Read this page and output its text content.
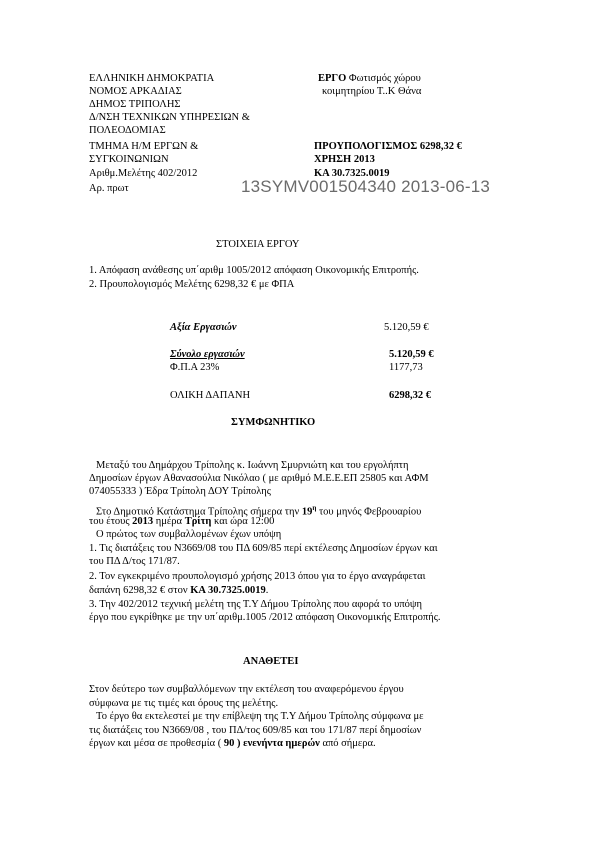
ΕΛΛΗΝΙΚΗ ΔΗΜΟΚΡΑΤΙΑ
ΝΟΜΟΣ ΑΡΚΑΔΙΑΣ
ΔΗΜΟΣ ΤΡΙΠΟΛΗΣ
Δ/ΝΣΗ ΤΕΧΝΙΚΩΝ ΥΠΗΡΕΣΙΩΝ &
ΠΟΛΕΟΔΟΜΙΑΣ
ΤΜΗΜΑ Η/Μ ΕΡΓΩΝ &
ΣΥΓΚΟΙΝΩΝΙΩΝ
Αριθμ.Μελέτης 402/2012
Αρ. πρωτ
ΕΡΓΟ Φωτισμός χώρου
κοιμητηρίου Τ..Κ Θάνα
ΠΡΟΥΠΟΛΟΓΙΣΜΟΣ 6298,32 €
ΧΡΗΣΗ 2013
ΚΑ 30.7325.0019
13SYMV001504340 2013-06-13
ΣΤΟΙΧΕΙΑ ΕΡΓΟΥ
1. Απόφαση ανάθεσης υπ΄αριθμ 1005/2012 απόφαση Οικονομικής Επιτροπής.
2. Προυπολογισμός Μελέτης 6298,32 € με ΦΠΑ
Αξία Εργασιών	5.120,59 €
Σύνολο εργασιών	5.120,59 €
Φ.Π.Α 23%	1177,73
ΟΛΙΚΗ ΔΑΠΑΝΗ	6298,32 €
ΣΥΜΦΩΝΗΤΙΚΟ
Μεταξύ του Δημάρχου Τρίπολης κ. Ιωάννη Σμυρνιώτη και του εργολήπτη
Δημοσίων έργων Αθανασούλια Νικόλαο ( με αριθμό Μ.Ε.Ε.ΕΠ 25805 και ΑΦΜ
074055333 ) Έδρα Τρίπολη ΔΟΥ Τρίπολης
Στο Δημοτικό Κατάστημα Τρίπολης σήμερα την $19^\eta$ του μηνός Φεβρουαρίου
του έτους 2013 ημέρα Τρίτη και ώρα 12:00
Ο πρώτος των συμβαλλομένων έχων υπόψη
1. Τις διατάξεις του Ν3669/08 του ΠΔ 609/85 περί εκτέλεσης Δημοσίων έργων και
του ΠΔ Δ/τος 171/87.
2. Τον εγκεκριμένο προυπολογισμό χρήσης 2013 όπου για το έργο αναγράφεται
δαπάνη 6298,32 € στον ΚΑ 30.7325.0019.
3. Την 402/2012 τεχνική μελέτη της Τ.Υ Δήμου Τρίπολης που αφορά το υπόψη
έργο που εγκρίθηκε με την υπ΄αριθμ.1005 /2012 απόφαση Οικονομικής Επιτροπής.
ΑΝΑΘΕΤΕΙ
Στον δεύτερο των συμβαλλόμενων την εκτέλεση του αναφερόμενου έργου
σύμφωνα με τις τιμές και όρους της μελέτης.
Το έργο θα εκτελεστεί με την επίβλεψη της Τ.Υ Δήμου Τρίπολης σύμφωνα με
τις διατάξεις του Ν3669/08 , του ΠΔ/τος 609/85 και του 171/87 περί δημοσίων
έργων και μέσα σε προθεσμία ( 90 ) ενενήντα ημερών από σήμερα.
